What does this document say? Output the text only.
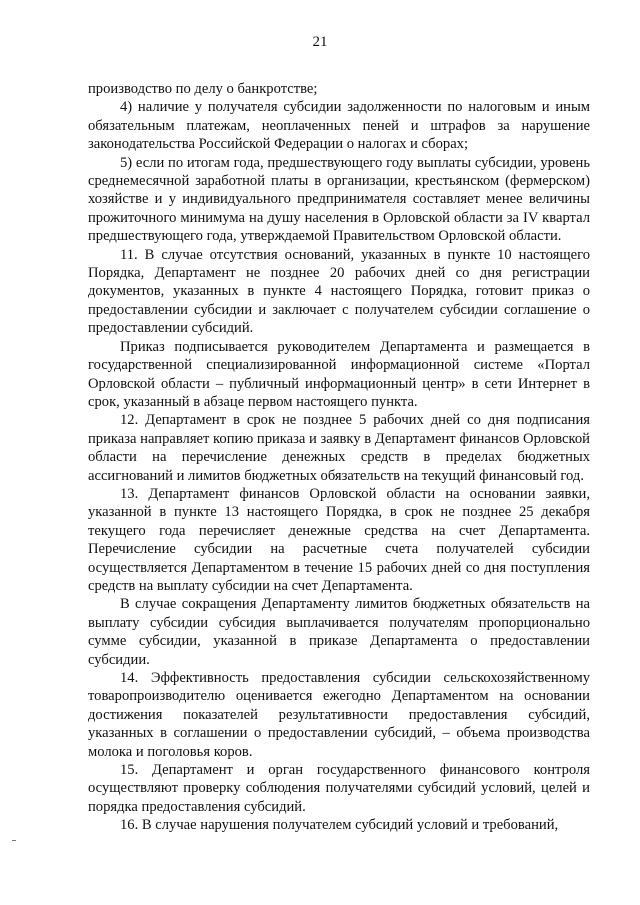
21

производство по делу о банкротстве;

4) наличие у получателя субсидии задолженности по налоговым и иным обязательным платежам, неоплаченных пеней и штрафов за нарушение законодательства Российской Федерации о налогах и сборах;

5) если по итогам года, предшествующего году выплаты субсидии, уровень среднемесячной заработной платы в организации, крестьянском (фермерском) хозяйстве и у индивидуального предпринимателя составляет менее величины прожиточного минимума на душу населения в Орловской области за IV квартал предшествующего года, утверждаемой Правительством Орловской области.

11. В случае отсутствия оснований, указанных в пункте 10 настоящего Порядка, Департамент не позднее 20 рабочих дней со дня регистрации документов, указанных в пункте 4 настоящего Порядка, готовит приказ о предоставлении субсидии и заключает с получателем субсидии соглашение о предоставлении субсидий.

Приказ подписывается руководителем Департамента и размещается в государственной специализированной информационной системе «Портал Орловской области – публичный информационный центр» в сети Интернет в срок, указанный в абзаце первом настоящего пункта.

12. Департамент в срок не позднее 5 рабочих дней со дня подписания приказа направляет копию приказа и заявку в Департамент финансов Орловской области на перечисление денежных средств в пределах бюджетных ассигнований и лимитов бюджетных обязательств на текущий финансовый год.

13. Департамент финансов Орловской области на основании заявки, указанной в пункте 13 настоящего Порядка, в срок не позднее 25 декабря текущего года перечисляет денежные средства на счет Департамента. Перечисление субсидии на расчетные счета получателей субсидии осуществляется Департаментом в течение 15 рабочих дней со дня поступления средств на выплату субсидии на счет Департамента.

В случае сокращения Департаменту лимитов бюджетных обязательств на выплату субсидии субсидия выплачивается получателям пропорционально сумме субсидии, указанной в приказе Департамента о предоставлении субсидии.

14. Эффективность предоставления субсидии сельскохозяйственному товаропроизводителю оценивается ежегодно Департаментом на основании достижения показателей результативности предоставления субсидий, указанных в соглашении о предоставлении субсидий, – объема производства молока и поголовья коров.

15. Департамент и орган государственного финансового контроля осуществляют проверку соблюдения получателями субсидий условий, целей и порядка предоставления субсидий.

16. В случае нарушения получателем субсидий условий и требований,
